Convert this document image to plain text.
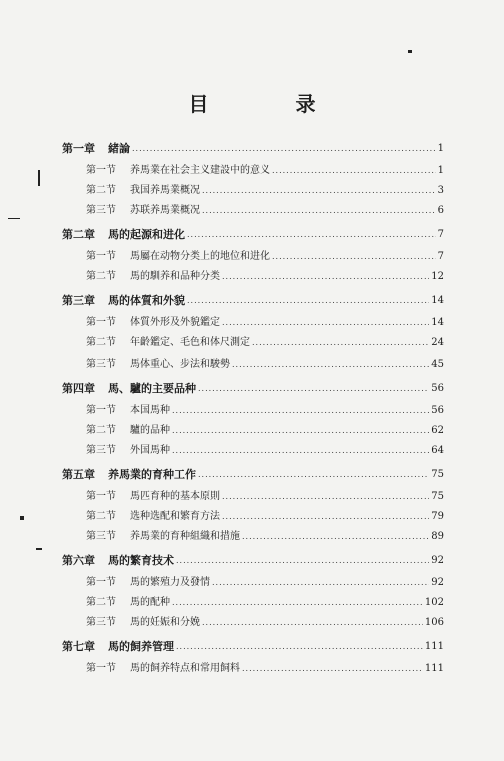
目 录
第一章 緒論 .....	1
第一节 养馬業在社会主义建設中的意义 .....	1
第二节 我国养馬業概况 .....	3
第三节 苏联养馬業概况 .....	6
第二章 馬的起源和进化 .....	7
第一节 馬屬在动物分类上的地位和进化 .....	7
第二节 馬的馴养和品种分类 .....	12
第三章 馬的体質和外貌 .....	14
第一节 体質外形及外貌鑑定 .....	14
第二节 年齡鑑定、毛色和体尺測定 .....	24
第三节 馬体重心、步法和駿勢 .....	45
第四章 馬、驢的主要品种 .....	56
第一节 本国馬种 .....	56
第二节 驢的品种 .....	62
第三节 外国馬种 .....	64
第五章 养馬業的育种工作 .....	75
第一节 馬匹育种的基本原則 .....	75
第二节 选种选配和繁育方法 .....	79
第三节 养馬業的育种組織和措施 .....	89
第六章 馬的繁育技术 .....	92
第一节 馬的繁殖力及發情 .....	92
第二节 馬的配种 .....	102
第三节 馬的妊娠和分娩 .....	106
第七章 馬的飼养管理 .....	111
第一节 馬的飼养特点和常用飼料 .....	111
